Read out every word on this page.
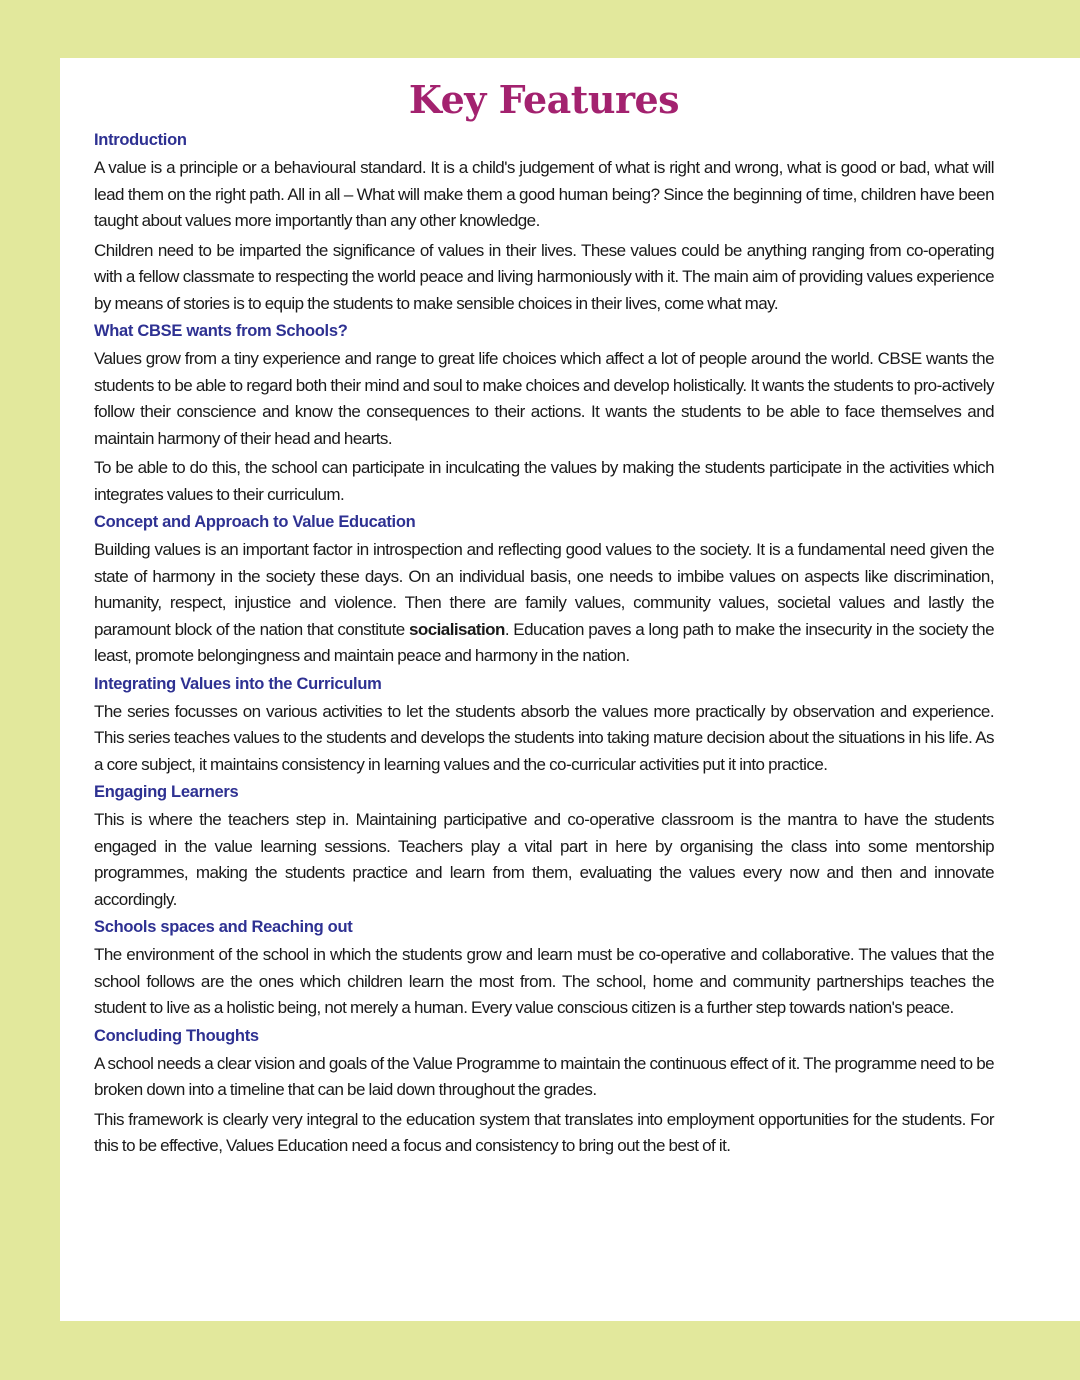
Key Features
Introduction

A value is a principle or a behavioural standard. It is a child's judgement of what is right and wrong, what is good or bad, what will lead them on the right path. All in all – What will make them a good human being? Since the beginning of time, children have been taught about values more importantly than any other knowledge.

Children need to be imparted the significance of values in their lives. These values could be anything ranging from co-operating with a fellow classmate to respecting the world peace and living harmoniously with it. The main aim of providing values experience by means of stories is to equip the students to make sensible choices in their lives, come what may.

What CBSE wants from Schools?

Values grow from a tiny experience and range to great life choices which affect a lot of people around the world. CBSE wants the students to be able to regard both their mind and soul to make choices and develop holistically. It wants the students to pro-actively follow their conscience and know the consequences to their actions. It wants the students to be able to face themselves and maintain harmony of their head and hearts.

To be able to do this, the school can participate in inculcating the values by making the students participate in the activities which integrates values to their curriculum.

Concept and Approach to Value Education

Building values is an important factor in introspection and reflecting good values to the society. It is a fundamental need given the state of harmony in the society these days. On an individual basis, one needs to imbibe values on aspects like discrimination, humanity, respect, injustice and violence. Then there are family values, community values, societal values and lastly the paramount block of the nation that constitute socialisation. Education paves a long path to make the insecurity in the society the least, promote belongingness and maintain peace and harmony in the nation.

Integrating Values into the Curriculum

The series focusses on various activities to let the students absorb the values more practically by observation and experience. This series teaches values to the students and develops the students into taking mature decision about the situations in his life. As a core subject, it maintains consistency in learning values and the co-curricular activities put it into practice.

Engaging Learners

This is where the teachers step in. Maintaining participative and co-operative classroom is the mantra to have the students engaged in the value learning sessions. Teachers play a vital part in here by organising the class into some mentorship programmes, making the students practice and learn from them, evaluating the values every now and then and innovate accordingly.

Schools spaces and Reaching out

The environment of the school in which the students grow and learn must be co-operative and collaborative. The values that the school follows are the ones which children learn the most from. The school, home and community partnerships teaches the student to live as a holistic being, not merely a human. Every value conscious citizen is a further step towards nation's peace.

Concluding Thoughts

A school needs a clear vision and goals of the Value Programme to maintain the continuous effect of it. The programme need to be broken down into a timeline that can be laid down throughout the grades.

This framework is clearly very integral to the education system that translates into employment opportunities for the students. For this to be effective, Values Education need a focus and consistency to bring out the best of it.
